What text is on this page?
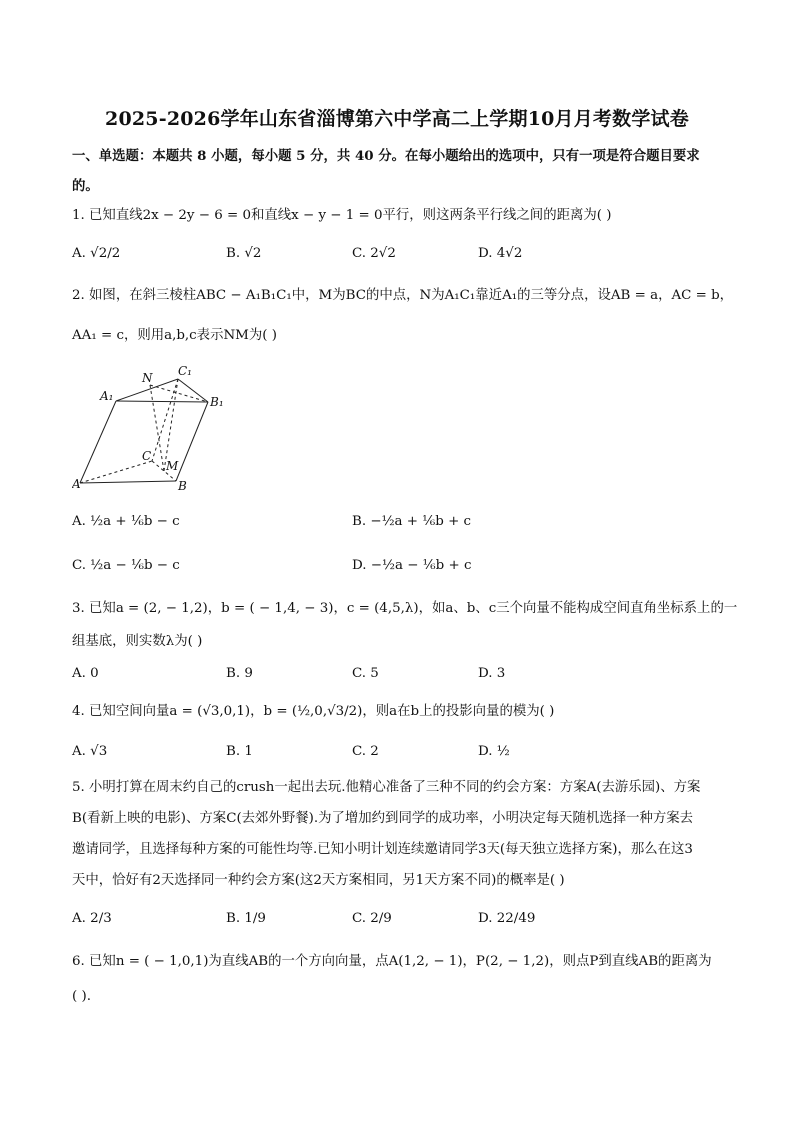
2025-2026学年山东省淄博第六中学高二上学期10月月考数学试卷
一、单选题：本题共 8 小题，每小题 5 分，共 40 分。在每小题给出的选项中，只有一项是符合题目要求
的。
1. 已知直线2x − 2y − 6 = 0和直线x − y − 1 = 0平行，则这两条平行线之间的距离为( )
A. √2/2	B. √2	C. 2√2	D. 4√2
2. 如图，在斜三棱柱ABC − A₁B₁C₁中，M为BC的中点，N为A₁C₁靠近A₁的三等分点，设AB = a，AC = b，
AA₁ = c，则用a,b,c表示NM为( )
N C₁
A₁	B₁
C
M
A	B
A. ½a + ⅙b − c	B. −½a + ⅙b + c
C. ½a − ⅙b − c	D. −½a − ⅙b + c
3. 已知a = (2, − 1,2)，b = ( − 1,4, − 3)，c = (4,5,λ)，如a、b、c三个向量不能构成空间直角坐标系上的一
组基底，则实数λ为( )
A. 0	B. 9	C. 5	D. 3
4. 已知空间向量a = (√3,0,1)，b = (½,0,√3/2)，则a在b上的投影向量的模为( )
A. √3	B. 1	C. 2	D. ½
5. 小明打算在周末约自己的crush一起出去玩.他精心准备了三种不同的约会方案：方案A(去游乐园)、方案
B(看新上映的电影)、方案C(去郊外野餐).为了增加约到同学的成功率，小明决定每天随机选择一种方案去
邀请同学，且选择每种方案的可能性均等.已知小明计划连续邀请同学3天(每天独立选择方案)，那么在这3
天中，恰好有2天选择同一种约会方案(这2天方案相同，另1天方案不同)的概率是( )
A. 2/3	B. 1/9	C. 2/9	D. 22/49
6. 已知n = ( − 1,0,1)为直线AB的一个方向向量，点A(1,2, − 1)，P(2, − 1,2)，则点P到直线AB的距离为
( ).
